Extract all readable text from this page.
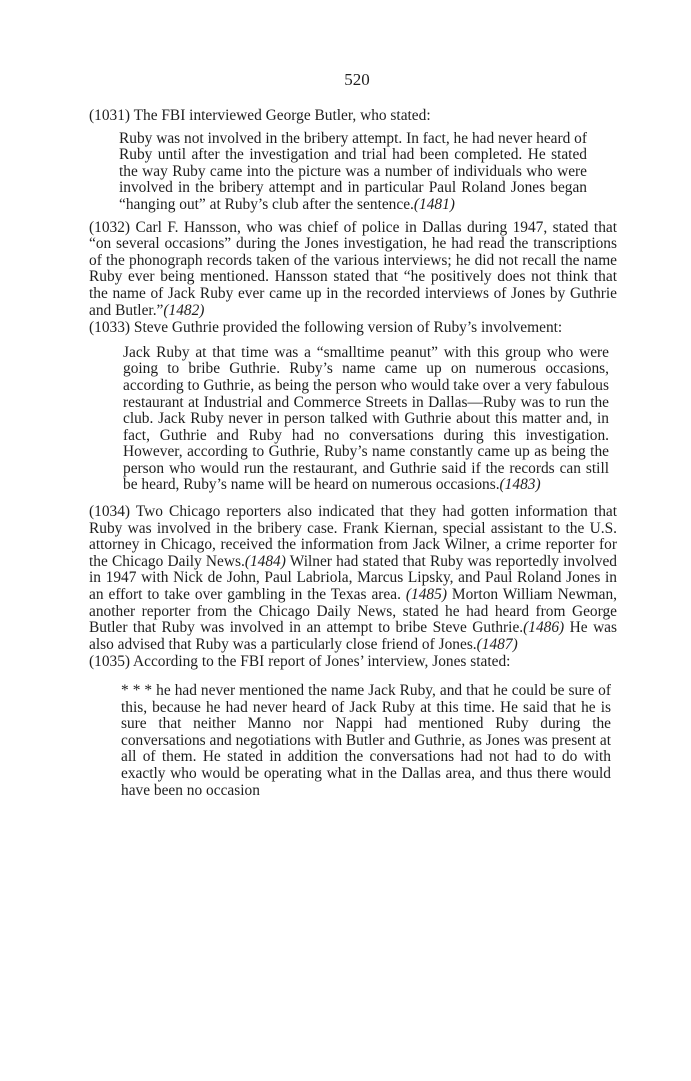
520

(1031) The FBI interviewed George Butler, who stated:

Ruby was not involved in the bribery attempt. In fact, he had never heard of Ruby until after the investigation and trial had been completed. He stated the way Ruby came into the picture was a number of individuals who were involved in the bribery attempt and in particular Paul Roland Jones began “hanging out” at Ruby’s club after the sentence.(1481)

(1032) Carl F. Hansson, who was chief of police in Dallas during 1947, stated that “on several occasions” during the Jones investigation, he had read the transcriptions of the phonograph records taken of the various interviews; he did not recall the name Ruby ever being mentioned. Hansson stated that “he positively does not think that the name of Jack Ruby ever came up in the recorded interviews of Jones by Guthrie and Butler.”(1482)

(1033) Steve Guthrie provided the following version of Ruby’s involvement:

Jack Ruby at that time was a “smalltime peanut” with this group who were going to bribe Guthrie. Ruby’s name came up on numerous occasions, according to Guthrie, as being the person who would take over a very fabulous restaurant at Industrial and Commerce Streets in Dallas—Ruby was to run the club. Jack Ruby never in person talked with Guthrie about this matter and, in fact, Guthrie and Ruby had no conversations during this investigation. However, according to Guthrie, Ruby’s name constantly came up as being the person who would run the restaurant, and Guthrie said if the records can still be heard, Ruby’s name will be heard on numerous occasions.(1483)

(1034) Two Chicago reporters also indicated that they had gotten information that Ruby was involved in the bribery case. Frank Kiernan, special assistant to the U.S. attorney in Chicago, received the information from Jack Wilner, a crime reporter for the Chicago Daily News.(1484) Wilner had stated that Ruby was reportedly involved in 1947 with Nick de John, Paul Labriola, Marcus Lipsky, and Paul Roland Jones in an effort to take over gambling in the Texas area. (1485) Morton William Newman, another reporter from the Chicago Daily News, stated he had heard from George Butler that Ruby was involved in an attempt to bribe Steve Guthrie.(1486) He was also advised that Ruby was a particularly close friend of Jones.(1487)

(1035) According to the FBI report of Jones’ interview, Jones stated:

* * * he had never mentioned the name Jack Ruby, and that he could be sure of this, because he had never heard of Jack Ruby at this time. He said that he is sure that neither Manno nor Nappi had mentioned Ruby during the conversations and negotiations with Butler and Guthrie, as Jones was present at all of them. He stated in addition the conversations had not had to do with exactly who would be operating what in the Dallas area, and thus there would have been no occasion
